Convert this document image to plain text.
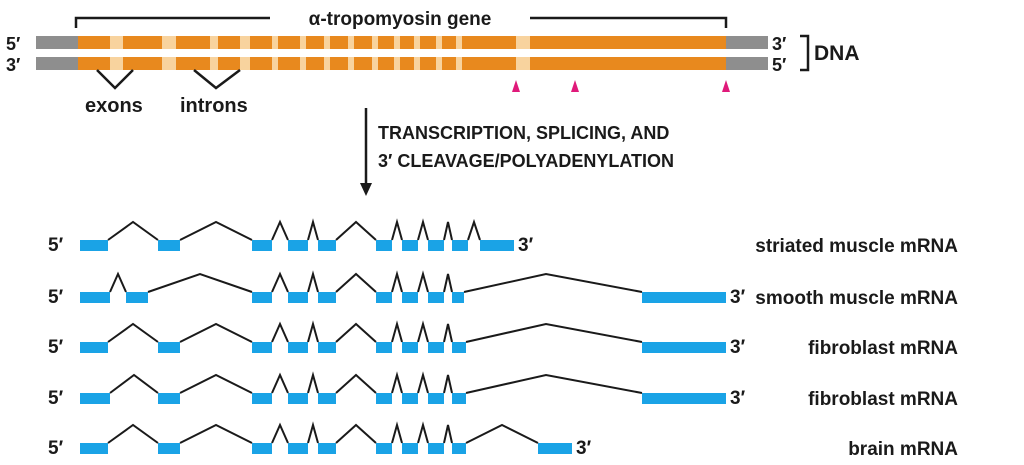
α-tropomyosin gene
5′
3′
3′
5′ DNA
exons introns
TRANSCRIPTION, SPLICING, AND
3′ CLEAVAGE/POLYADENYLATION
5′	3′	striated muscle mRNA
5′	3′ smooth muscle mRNA
5′	3′	fibroblast mRNA
5′	3′	fibroblast mRNA
5′	3′	brain mRNA
